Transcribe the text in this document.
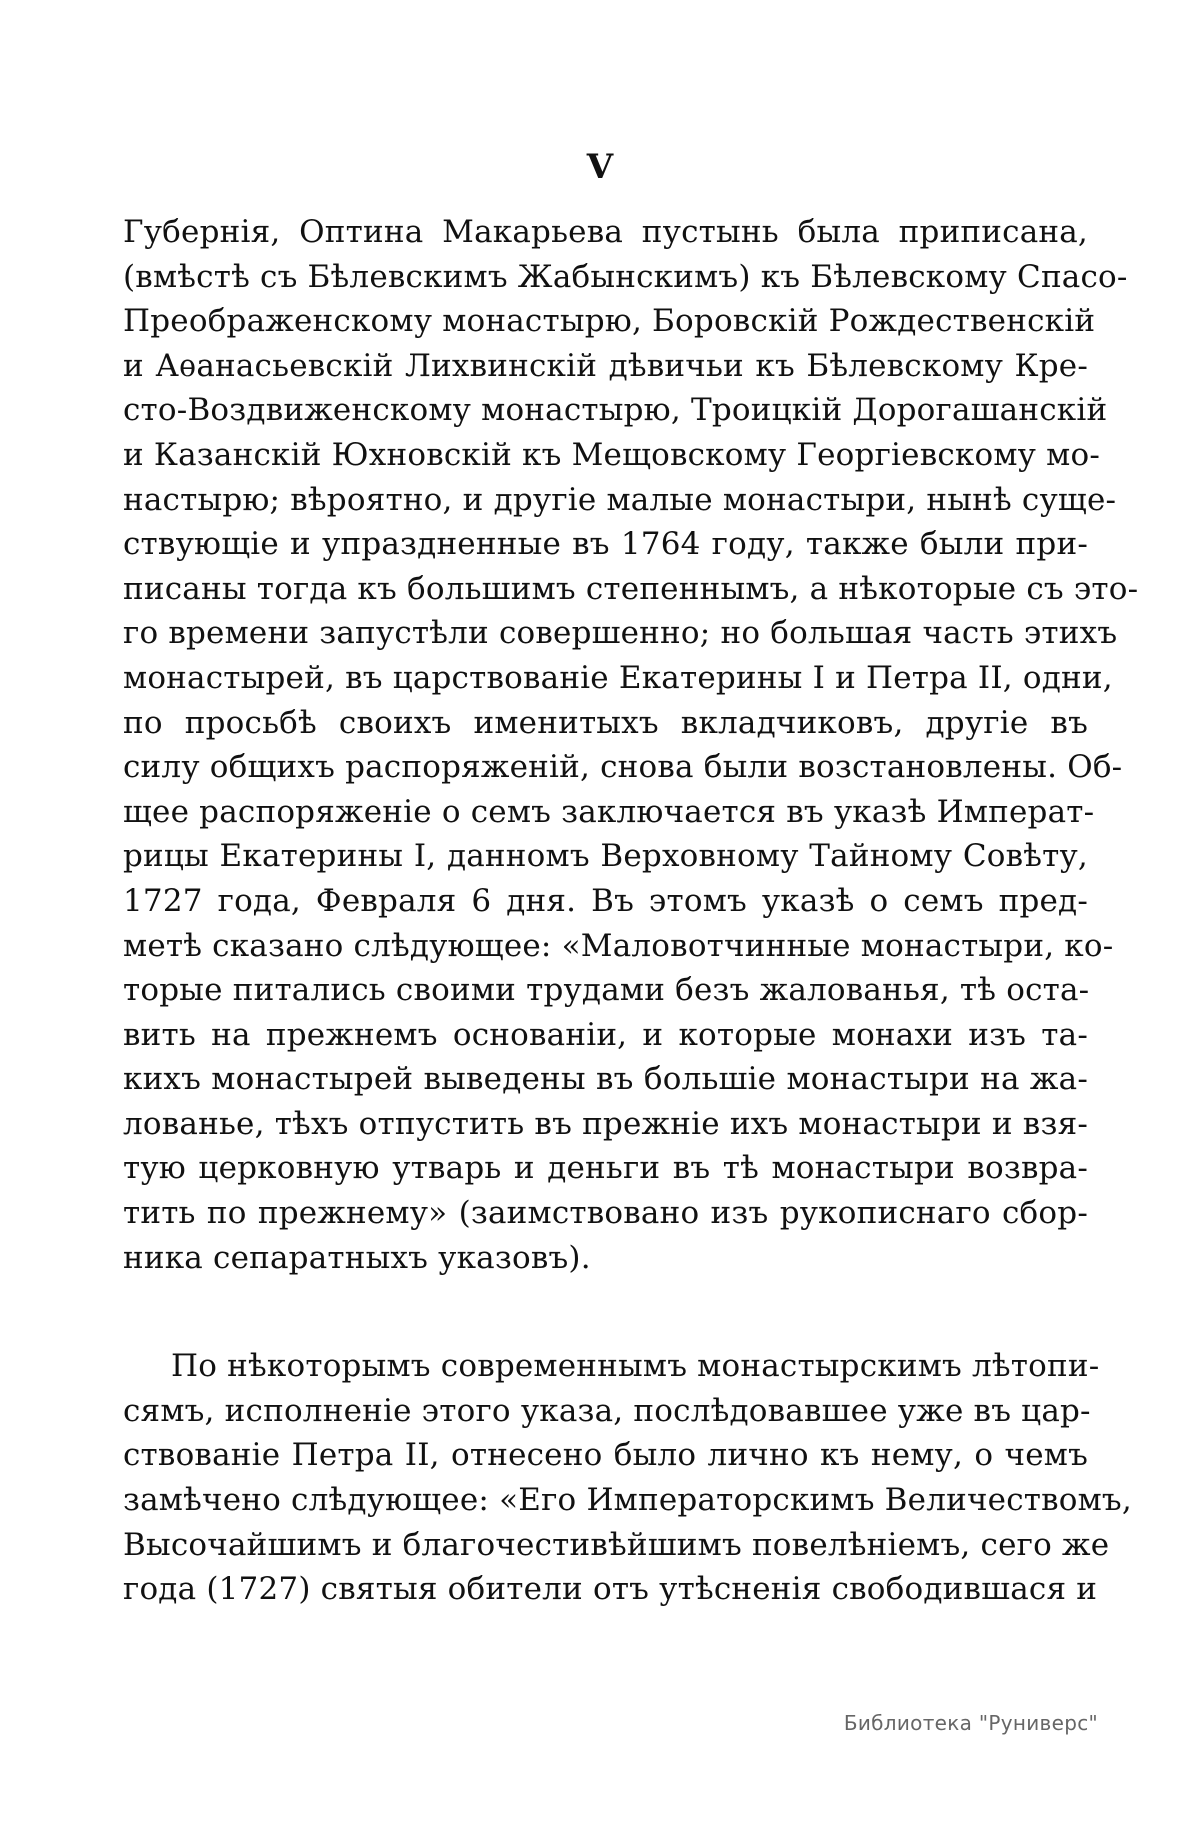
V
Губернія, Оптина Макарьева пустынь была приписана,
(вмѣстѣ съ Бѣлевскимъ Жабынскимъ) къ Бѣлевскому Спасо-
Преображенскому монастырю, Боровскій Рождественскій
и Аѳанасьевскій Лихвинскій дѣвичьи къ Бѣлевскому Кре-
сто-Воздвиженскому монастырю, Троицкій Дорогашанскій
и Казанскій Юхновскій къ Мещовскому Георгіевскому мо-
настырю; вѣроятно, и другіе малые монастыри, нынѣ суще-
ствующіе и упраздненные въ 1764 году, также были при-
писаны тогда къ большимъ степеннымъ, а нѣкоторые съ это-
го времени запустѣли совершенно; но большая часть этихъ
монастырей, въ царствованіе Екатерины I и Петра II, одни,
по просьбѣ своихъ именитыхъ вкладчиковъ, другіе въ
силу общихъ распоряженій, снова были возстановлены. Об-
щее распоряженіе о семъ заключается въ указѣ Императ-
рицы Екатерины I, данномъ Верховному Тайному Совѣту,
1727 года, Февраля 6 дня. Въ этомъ указѣ о семъ пред-
метѣ сказано слѣдующее: «Маловотчинные монастыри, ко-
торые питались своими трудами безъ жалованья, тѣ оста-
вить на прежнемъ основаніи, и которые монахи изъ та-
кихъ монастырей выведены въ большіе монастыри на жа-
лованье, тѣхъ отпустить въ прежніе ихъ монастыри и взя-
тую церковную утварь и деньги въ тѣ монастыри возвра-
тить по прежнему» (заимствовано изъ рукописнаго сбор-
ника сепаратныхъ указовъ).
По нѣкоторымъ современнымъ монастырскимъ лѣтопи-
сямъ, исполненіе этого указа, послѣдовавшее уже въ цар-
ствованіе Петра II, отнесено было лично къ нему, о чемъ
замѣчено слѣдующее: «Его Императорскимъ Величествомъ,
Высочайшимъ и благочестивѣйшимъ повелѣніемъ, сего же
года (1727) святыя обители отъ утѣсненія свободившася и
Библиотека "Руниверс"
